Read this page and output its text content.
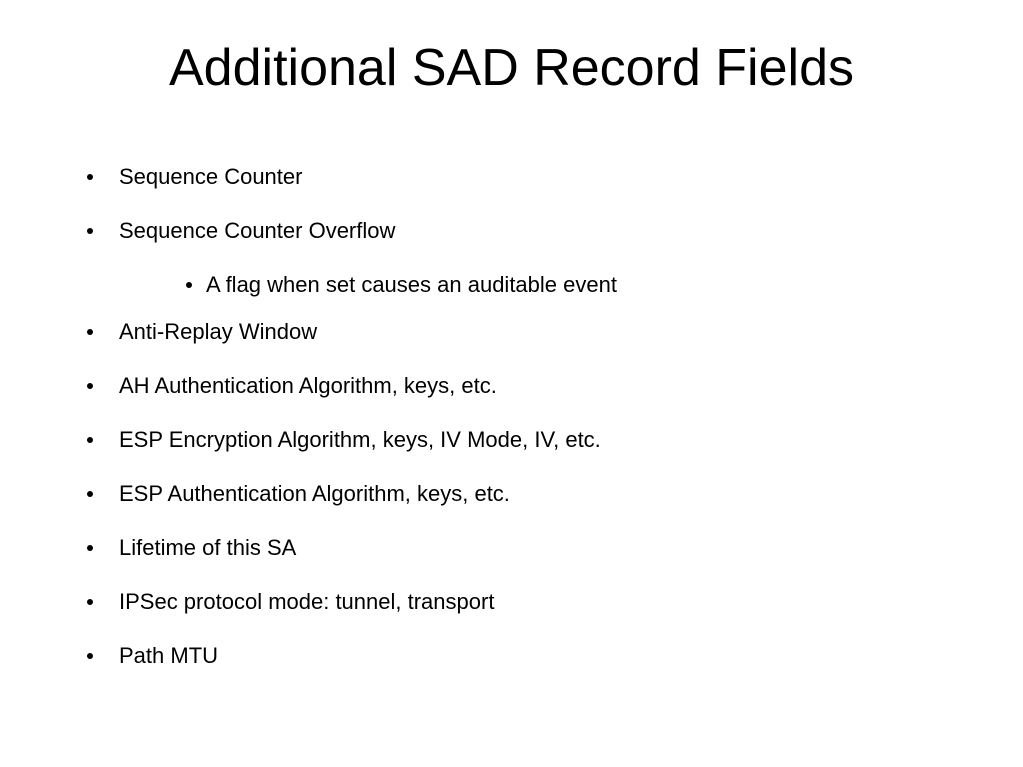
Additional SAD Record Fields
Sequence Counter
Sequence Counter Overflow
A flag when set causes an auditable event
Anti-Replay Window
AH Authentication Algorithm, keys, etc.
ESP Encryption Algorithm, keys, IV Mode, IV, etc.
ESP Authentication Algorithm, keys, etc.
Lifetime of this SA
IPSec protocol mode: tunnel, transport
Path MTU
